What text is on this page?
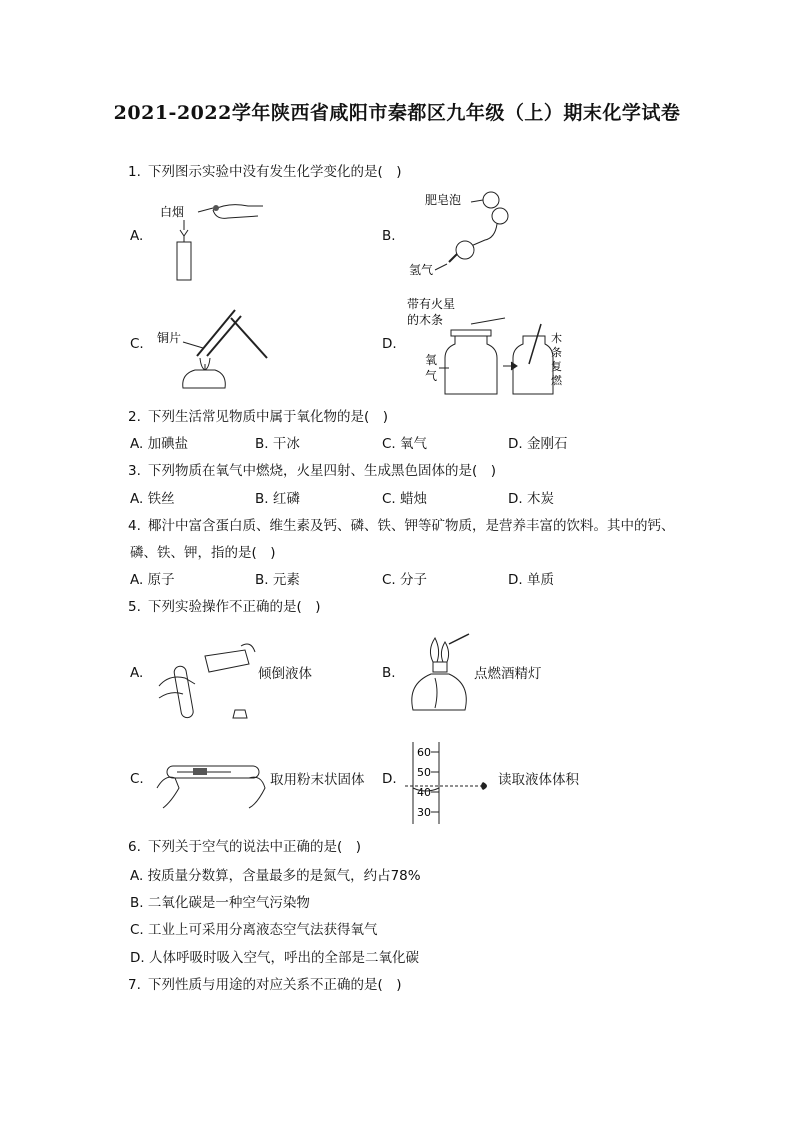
2021-2022学年陕西省咸阳市秦都区九年级（上）期末化学试卷
1. 下列图示实验中没有发生化学变化的是(　)
A.
白烟
B.
肥皂泡
氢气
C. 铜片	D.
带有火星
的木条
氧
气
木
条
复
燃
2. 下列生活常见物质中属于氧化物的是(　)
A. 加碘盐	B. 干冰	C. 氧气	D. 金刚石
3. 下列物质在氧气中燃烧，火星四射、生成黑色固体的是(　)
A. 铁丝	B. 红磷	C. 蜡烛	D. 木炭
4. 椰汁中富含蛋白质、维生素及钙、磷、铁、钾等矿物质，是营养丰富的饮料。其中的钙、
磷、铁、钾，指的是(　)
A. 原子	B. 元素	C. 分子	D. 单质
5. 下列实验操作不正确的是(　)
A.	倾倒液体	B.	点燃酒精灯
C.	取用粉末状固体 D.
60
50
40
30
读取液体体积
6. 下列关于空气的说法中正确的是(　)
A. 按质量分数算，含量最多的是氮气，约占78%
B. 二氧化碳是一种空气污染物
C. 工业上可采用分离液态空气法获得氧气
D. 人体呼吸时吸入空气，呼出的全部是二氧化碳
7. 下列性质与用途的对应关系不正确的是(　)
